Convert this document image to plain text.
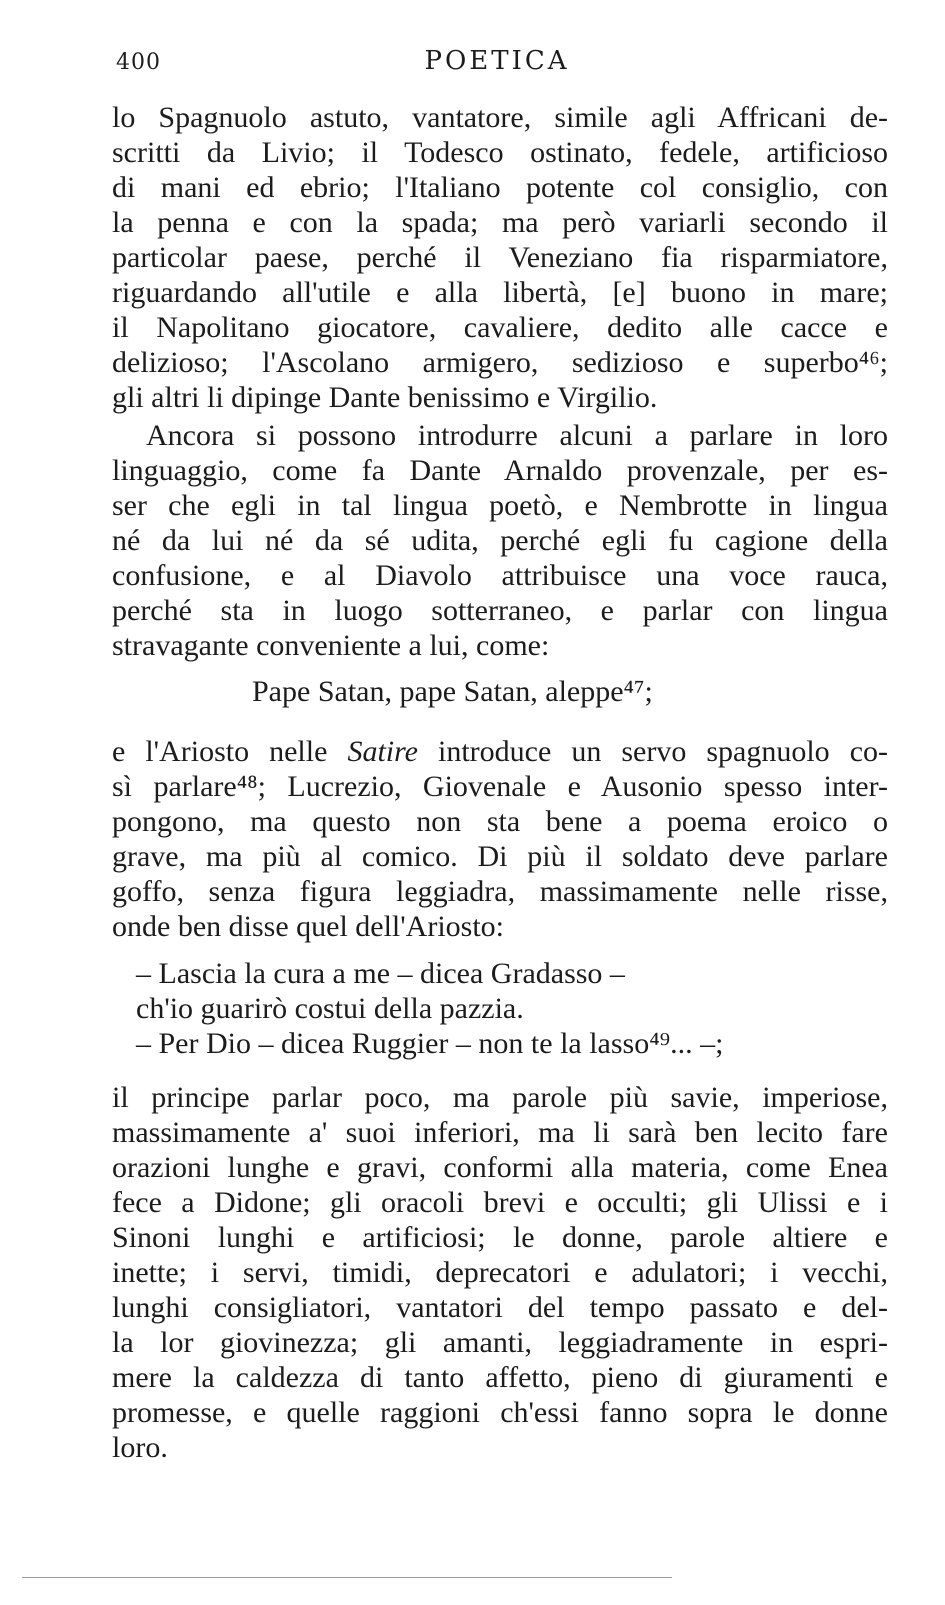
400	POETICA
lo Spagnuolo astuto, vantatore, simile agli Affricani de-
scritti da Livio; il Todesco ostinato, fedele, artificioso
di mani ed ebrio; l'Italiano potente col consiglio, con
la penna e con la spada; ma però variarli secondo il
particolar paese, perché il Veneziano fia risparmiatore,
riguardando all'utile e alla libertà, [e] buono in mare;
il Napolitano giocatore, cavaliere, dedito alle cacce e
delizioso; l'Ascolano armigero, sedizioso e superbo⁴⁶;
gli altri li dipinge Dante benissimo e Virgilio.
Ancora si possono introdurre alcuni a parlare in loro
linguaggio, come fa Dante Arnaldo provenzale, per es-
ser che egli in tal lingua poetò, e Nembrotte in lingua
né da lui né da sé udita, perché egli fu cagione della
confusione, e al Diavolo attribuisce una voce rauca,
perché sta in luogo sotterraneo, e parlar con lingua
stravagante conveniente a lui, come:
Pape Satan, pape Satan, aleppe⁴⁷;
e l'Ariosto nelle Satire introduce un servo spagnuolo co-
sì parlare⁴⁸; Lucrezio, Giovenale e Ausonio spesso inter-
pongono, ma questo non sta bene a poema eroico o
grave, ma più al comico. Di più il soldato deve parlare
goffo, senza figura leggiadra, massimamente nelle risse,
onde ben disse quel dell'Ariosto:
– Lascia la cura a me – dicea Gradasso –
ch'io guarirò costui della pazzia.
– Per Dio – dicea Ruggier – non te la lasso⁴⁹... –;
il principe parlar poco, ma parole più savie, imperiose,
massimamente a' suoi inferiori, ma li sarà ben lecito fare
orazioni lunghe e gravi, conformi alla materia, come Enea
fece a Didone; gli oracoli brevi e occulti; gli Ulissi e i
Sinoni lunghi e artificiosi; le donne, parole altiere e
inette; i servi, timidi, deprecatori e adulatori; i vecchi,
lunghi consigliatori, vantatori del tempo passato e del-
la lor giovinezza; gli amanti, leggiadramente in espri-
mere la caldezza di tanto affetto, pieno di giuramenti e
promesse, e quelle raggioni ch'essi fanno sopra le donne
loro.
